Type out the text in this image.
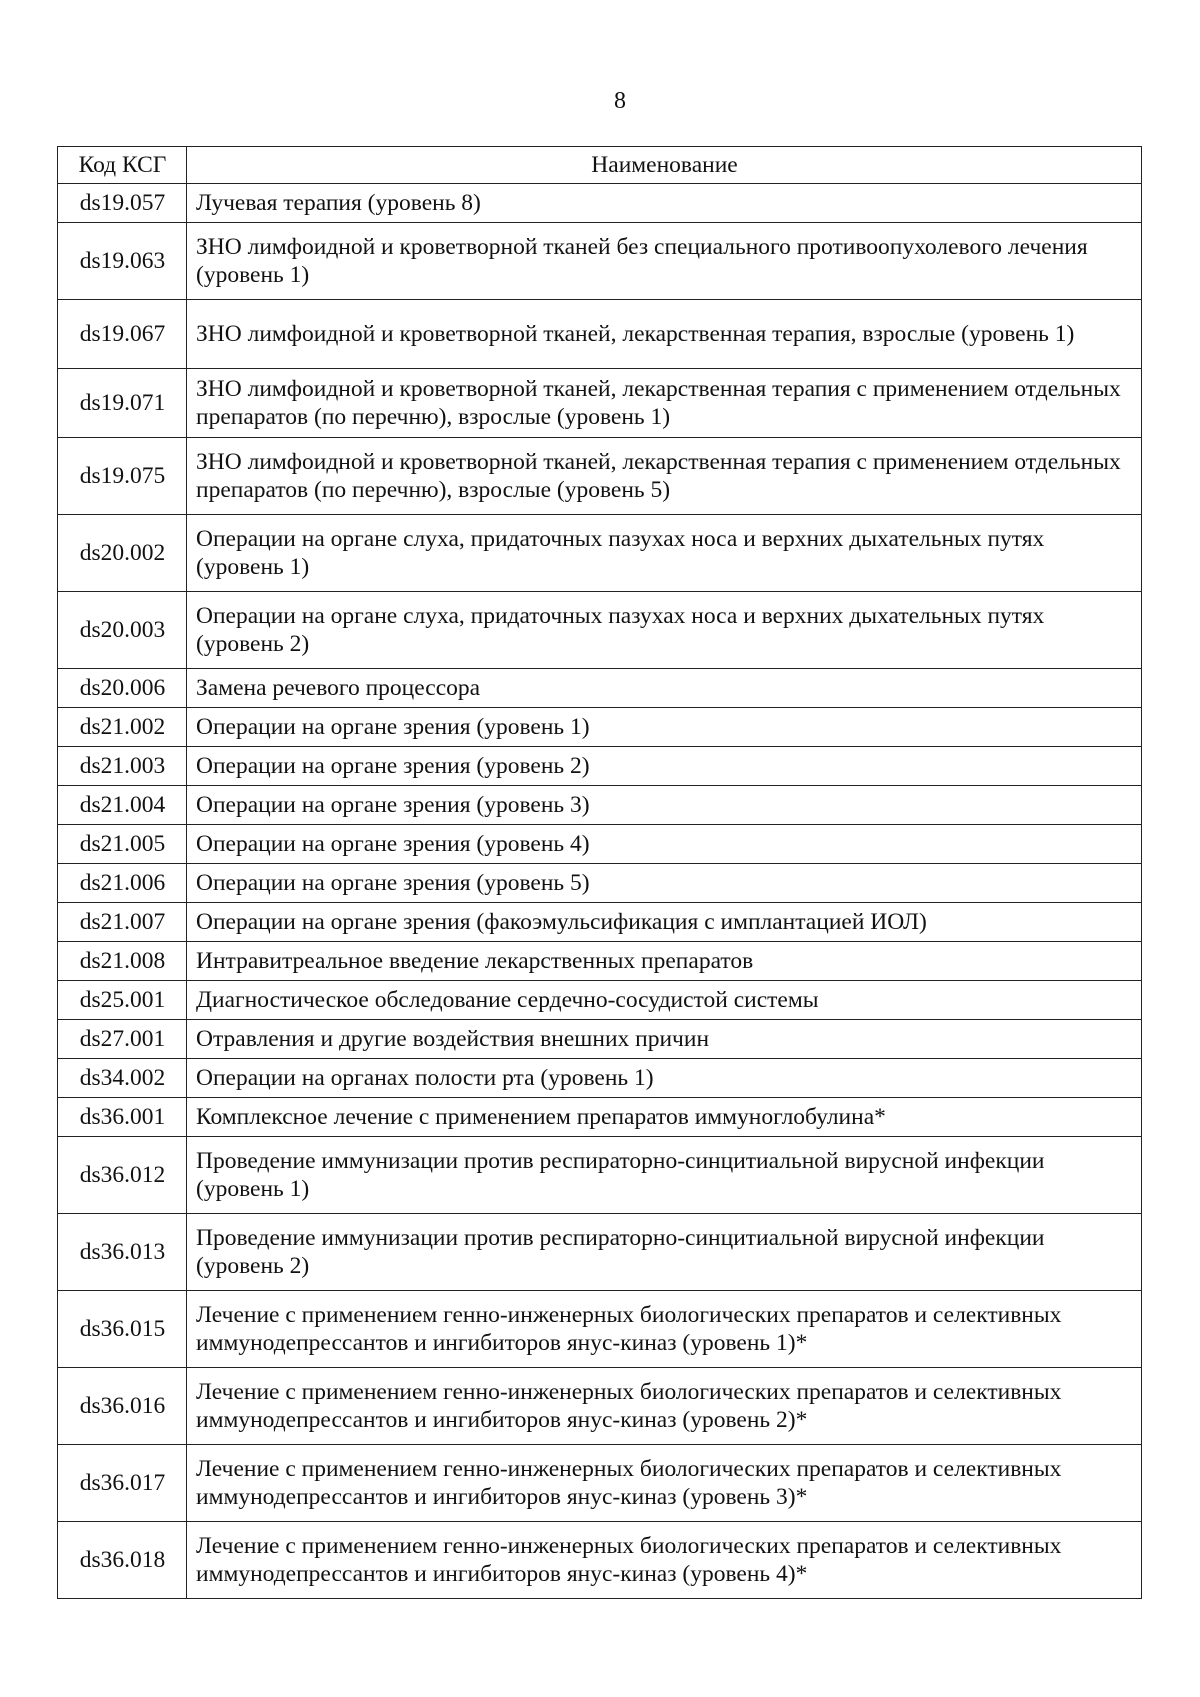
8
Код КСГ	Наименование
ds19.057	Лучевая терапия (уровень 8)
ds19.063	ЗНО лимфоидной и кроветворной тканей без специального противоопухолевого лечения (уровень 1)
ds19.067	ЗНО лимфоидной и кроветворной тканей, лекарственная терапия, взрослые (уровень 1)
ds19.071	ЗНО лимфоидной и кроветворной тканей, лекарственная терапия с применением отдельных препаратов (по перечню), взрослые (уровень 1)
ds19.075	ЗНО лимфоидной и кроветворной тканей, лекарственная терапия с применением отдельных препаратов (по перечню), взрослые (уровень 5)
ds20.002	Операции на органе слуха, придаточных пазухах носа и верхних дыхательных путях (уровень 1)
ds20.003	Операции на органе слуха, придаточных пазухах носа и верхних дыхательных путях (уровень 2)
ds20.006	Замена речевого процессора
ds21.002	Операции на органе зрения (уровень 1)
ds21.003	Операции на органе зрения (уровень 2)
ds21.004	Операции на органе зрения (уровень 3)
ds21.005	Операции на органе зрения (уровень 4)
ds21.006	Операции на органе зрения (уровень 5)
ds21.007	Операции на органе зрения (факоэмульсификация с имплантацией ИОЛ)
ds21.008	Интравитреальное введение лекарственных препаратов
ds25.001	Диагностическое обследование сердечно-сосудистой системы
ds27.001	Отравления и другие воздействия внешних причин
ds34.002	Операции на органах полости рта (уровень 1)
ds36.001	Комплексное лечение с применением препаратов иммуноглобулина*
ds36.012	Проведение иммунизации против респираторно-синцитиальной вирусной инфекции (уровень 1)
ds36.013	Проведение иммунизации против респираторно-синцитиальной вирусной инфекции (уровень 2)
ds36.015	Лечение с применением генно-инженерных биологических препаратов и селективных иммунодепрессантов и ингибиторов янус-киназ (уровень 1)*
ds36.016	Лечение с применением генно-инженерных биологических препаратов и селективных иммунодепрессантов и ингибиторов янус-киназ (уровень 2)*
ds36.017	Лечение с применением генно-инженерных биологических препаратов и селективных иммунодепрессантов и ингибиторов янус-киназ (уровень 3)*
ds36.018	Лечение с применением генно-инженерных биологических препаратов и селективных иммунодепрессантов и ингибиторов янус-киназ (уровень 4)*
